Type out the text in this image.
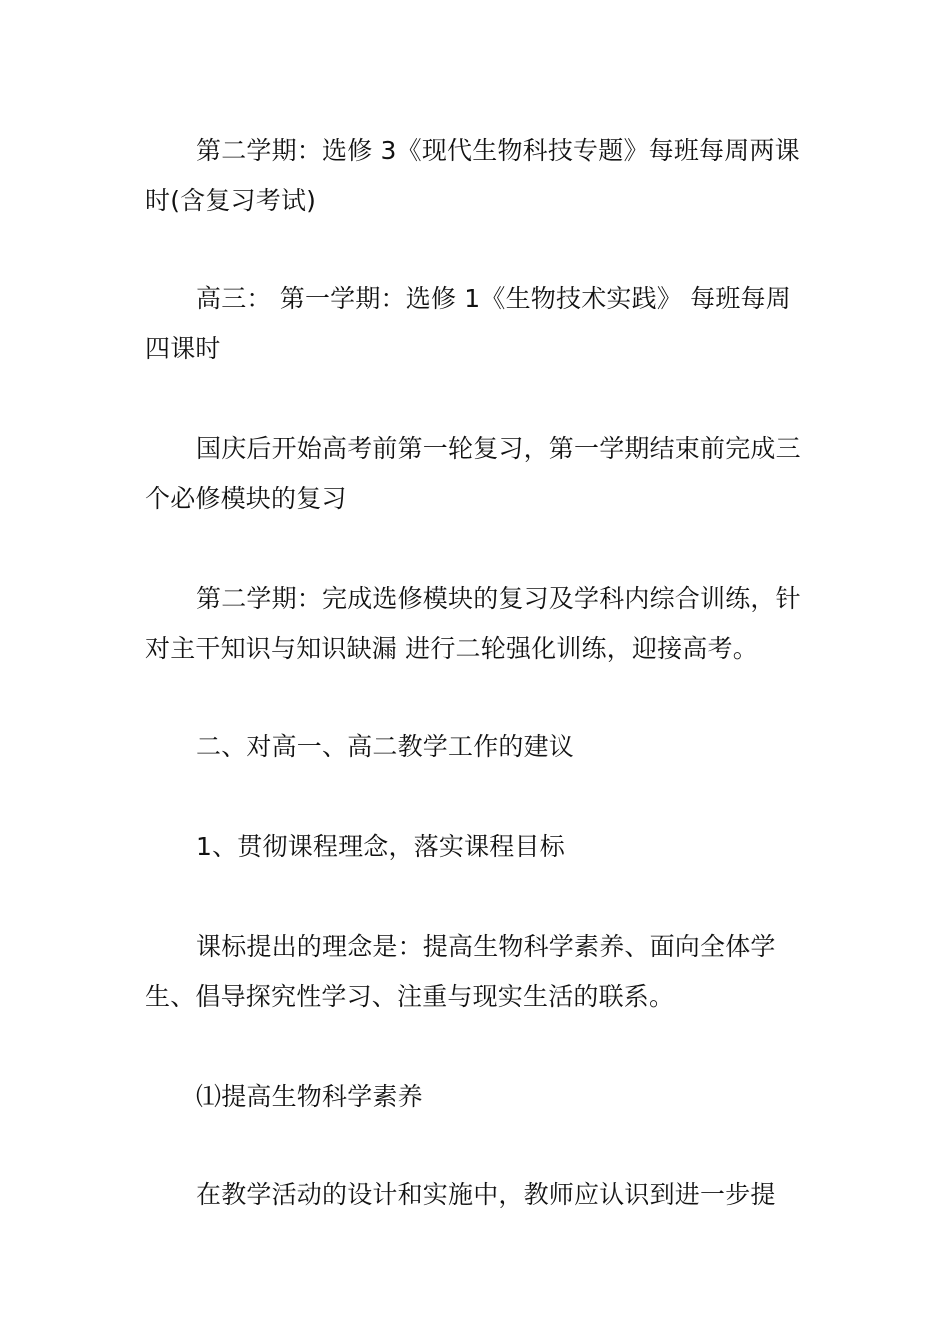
第二学期：选修 3《现代生物科技专题》每班每周两课时(含复习考试)

高三： 第一学期：选修 1《生物技术实践》 每班每周四课时

国庆后开始高考前第一轮复习，第一学期结束前完成三个必修模块的复习

第二学期：完成选修模块的复习及学科内综合训练，针对主干知识与知识缺漏 进行二轮强化训练，迎接高考。

二、对高一、高二教学工作的建议

1、贯彻课程理念，落实课程目标

课标提出的理念是：提高生物科学素养、面向全体学生、倡导探究性学习、注重与现实生活的联系。

⑴提高生物科学素养

在教学活动的设计和实施中，教师应认识到进一步提
